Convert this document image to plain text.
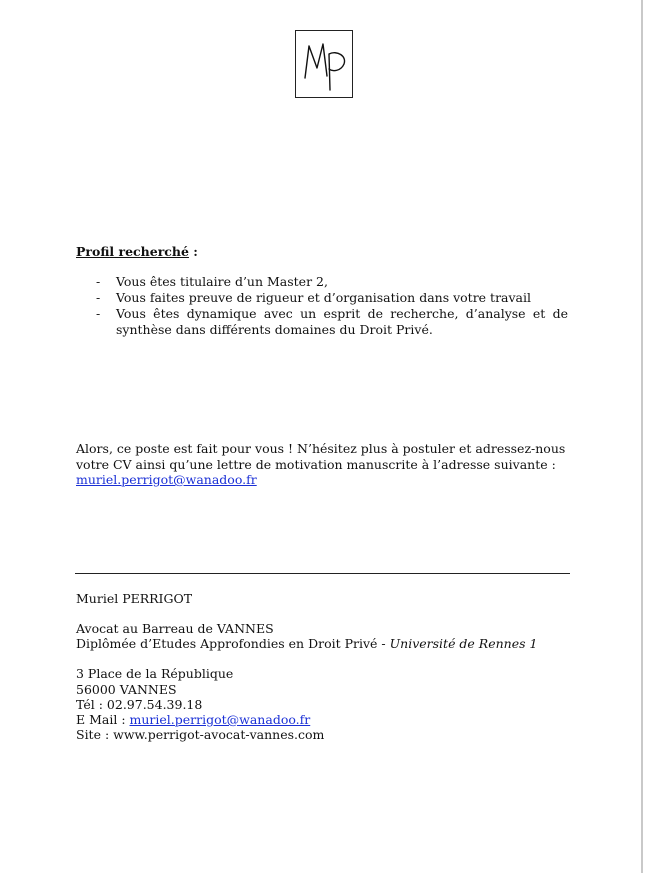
Profil recherché :
- Vous êtes titulaire d’un Master 2,
- Vous faites preuve de rigueur et d’organisation dans votre travail
- Vous êtes dynamique avec un esprit de recherche, d’analyse et de synthèse dans différents domaines du Droit Privé.
Alors, ce poste est fait pour vous ! N’hésitez plus à postuler et adressez-nous votre CV ainsi qu’une lettre de motivation manuscrite à l’adresse suivante : muriel.perrigot@wanadoo.fr
Muriel PERRIGOT
Avocat au Barreau de VANNES
Diplômée d’Etudes Approfondies en Droit Privé - Université de Rennes 1
3 Place de la République
56000 VANNES
Tél : 02.97.54.39.18
E Mail : muriel.perrigot@wanadoo.fr
Site : www.perrigot-avocat-vannes.com
